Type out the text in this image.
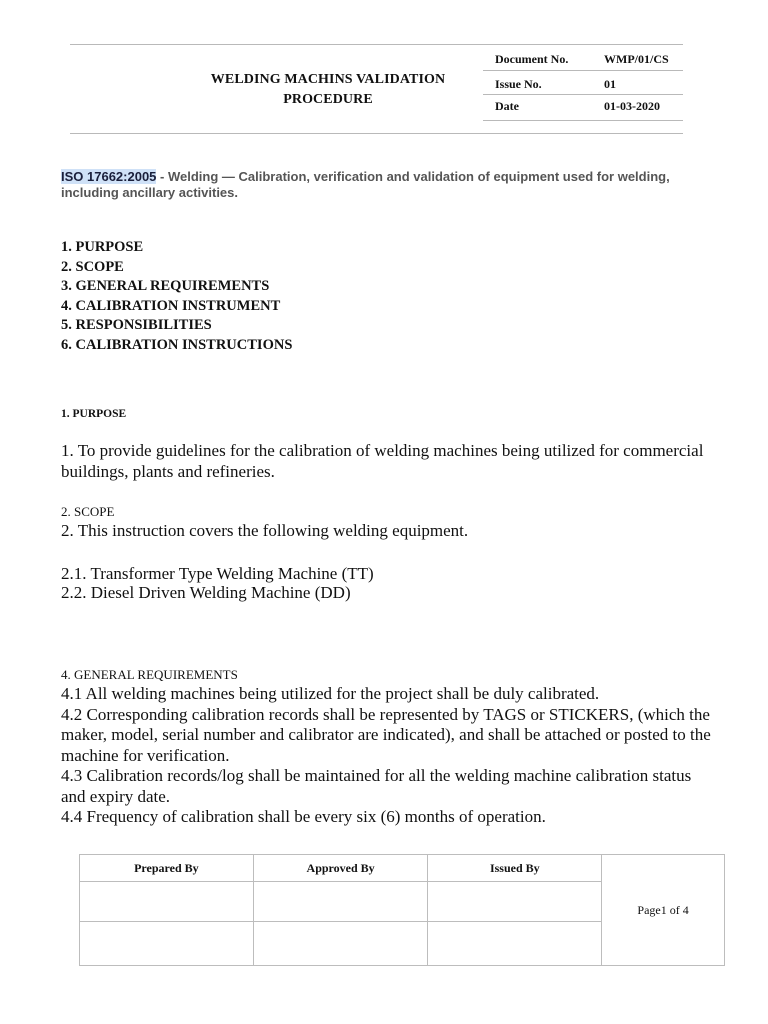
WELDING MACHINS VALIDATION
PROCEDURE
Document No.	WMP/01/CS
Issue No.	01
Date	01-03-2020
ISO 17662:2005 - Welding — Calibration, verification and validation of equipment used for welding, including ancillary activities.
1. PURPOSE
2. SCOPE
3. GENERAL REQUIREMENTS
4. CALIBRATION INSTRUMENT
5. RESPONSIBILITIES
6. CALIBRATION INSTRUCTIONS
1. PURPOSE
1. To provide guidelines for the calibration of welding machines being utilized for commercial buildings, plants and refineries.
2. SCOPE
2. This instruction covers the following welding equipment.
2.1. Transformer Type Welding Machine (TT)
2.2. Diesel Driven Welding Machine (DD)
4. GENERAL REQUIREMENTS
4.1 All welding machines being utilized for the project shall be duly calibrated.
4.2 Corresponding calibration records shall be represented by TAGS or STICKERS, (which the maker, model, serial number and calibrator are indicated), and shall be attached or posted to the machine for verification.
4.3 Calibration records/log shall be maintained for all the welding machine calibration status and expiry date.
4.4 Frequency of calibration shall be every six (6) months of operation.
Prepared By	Approved By	Issued By	Page1 of 4
